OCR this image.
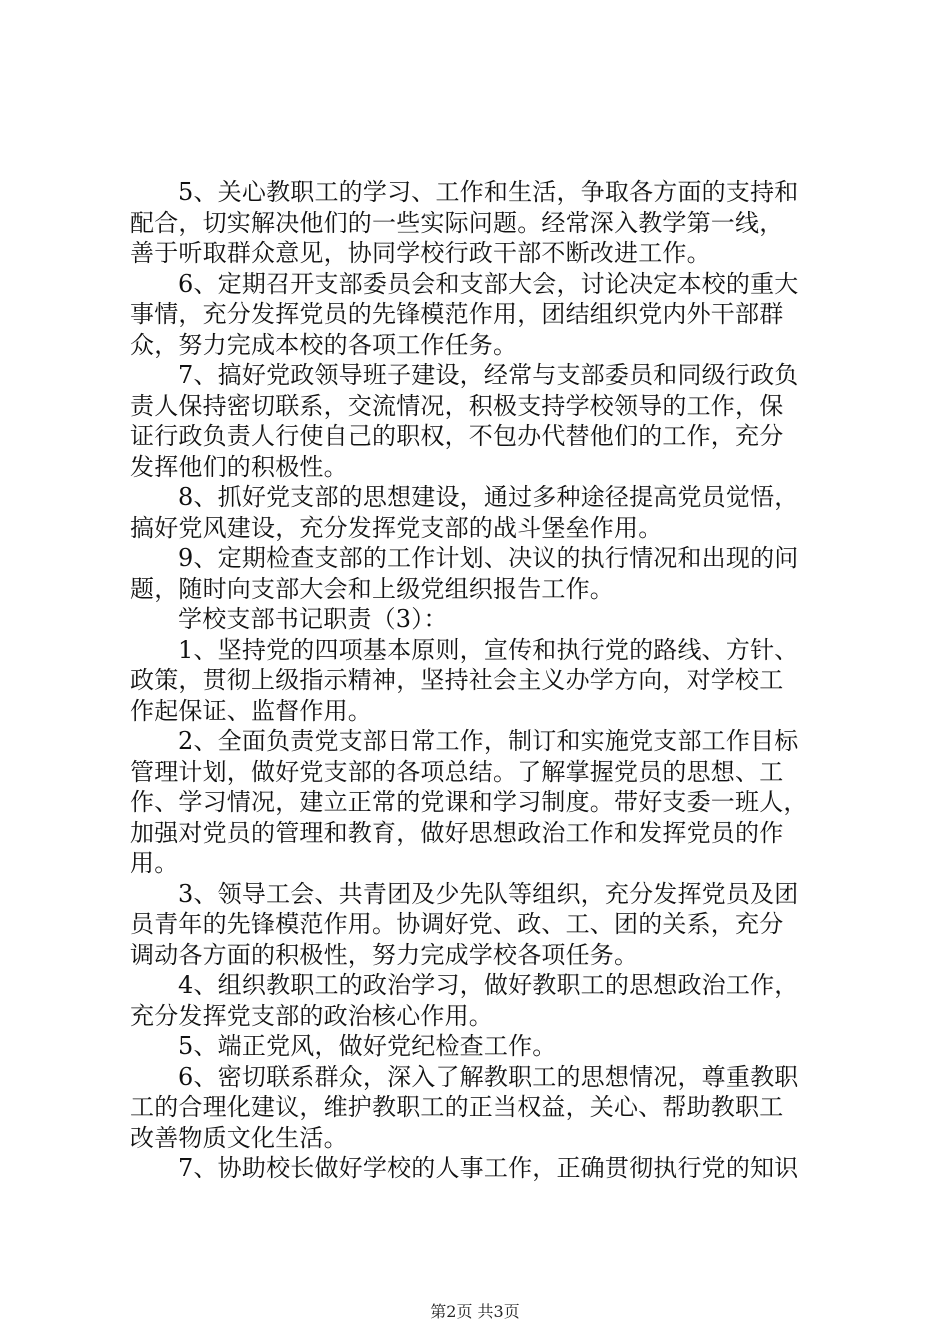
5、关心教职工的学习、工作和生活，争取各方面的支持和
配合，切实解决他们的一些实际问题。经常深入教学第一线，
善于听取群众意见，协同学校行政干部不断改进工作。
6、定期召开支部委员会和支部大会，讨论决定本校的重大
事情，充分发挥党员的先锋模范作用，团结组织党内外干部群
众，努力完成本校的各项工作任务。
7、搞好党政领导班子建设，经常与支部委员和同级行政负
责人保持密切联系，交流情况，积极支持学校领导的工作，保
证行政负责人行使自己的职权，不包办代替他们的工作，充分
发挥他们的积极性。
8、抓好党支部的思想建设，通过多种途径提高党员觉悟，
搞好党风建设，充分发挥党支部的战斗堡垒作用。
9、定期检查支部的工作计划、决议的执行情况和出现的问
题，随时向支部大会和上级党组织报告工作。
学校支部书记职责（3）：
1、坚持党的四项基本原则，宣传和执行党的路线、方针、
政策，贯彻上级指示精神，坚持社会主义办学方向，对学校工
作起保证、监督作用。
2、全面负责党支部日常工作，制订和实施党支部工作目标
管理计划，做好党支部的各项总结。了解掌握党员的思想、工
作、学习情况，建立正常的党课和学习制度。带好支委一班人，
加强对党员的管理和教育，做好思想政治工作和发挥党员的作
用。
3、领导工会、共青团及少先队等组织，充分发挥党员及团
员青年的先锋模范作用。协调好党、政、工、团的关系，充分
调动各方面的积极性，努力完成学校各项任务。
4、组织教职工的政治学习，做好教职工的思想政治工作，
充分发挥党支部的政治核心作用。
5、端正党风，做好党纪检查工作。
6、密切联系群众，深入了解教职工的思想情况，尊重教职
工的合理化建议，维护教职工的正当权益，关心、帮助教职工
改善物质文化生活。
7、协助校长做好学校的人事工作，正确贯彻执行党的知识
第2页 共3页
